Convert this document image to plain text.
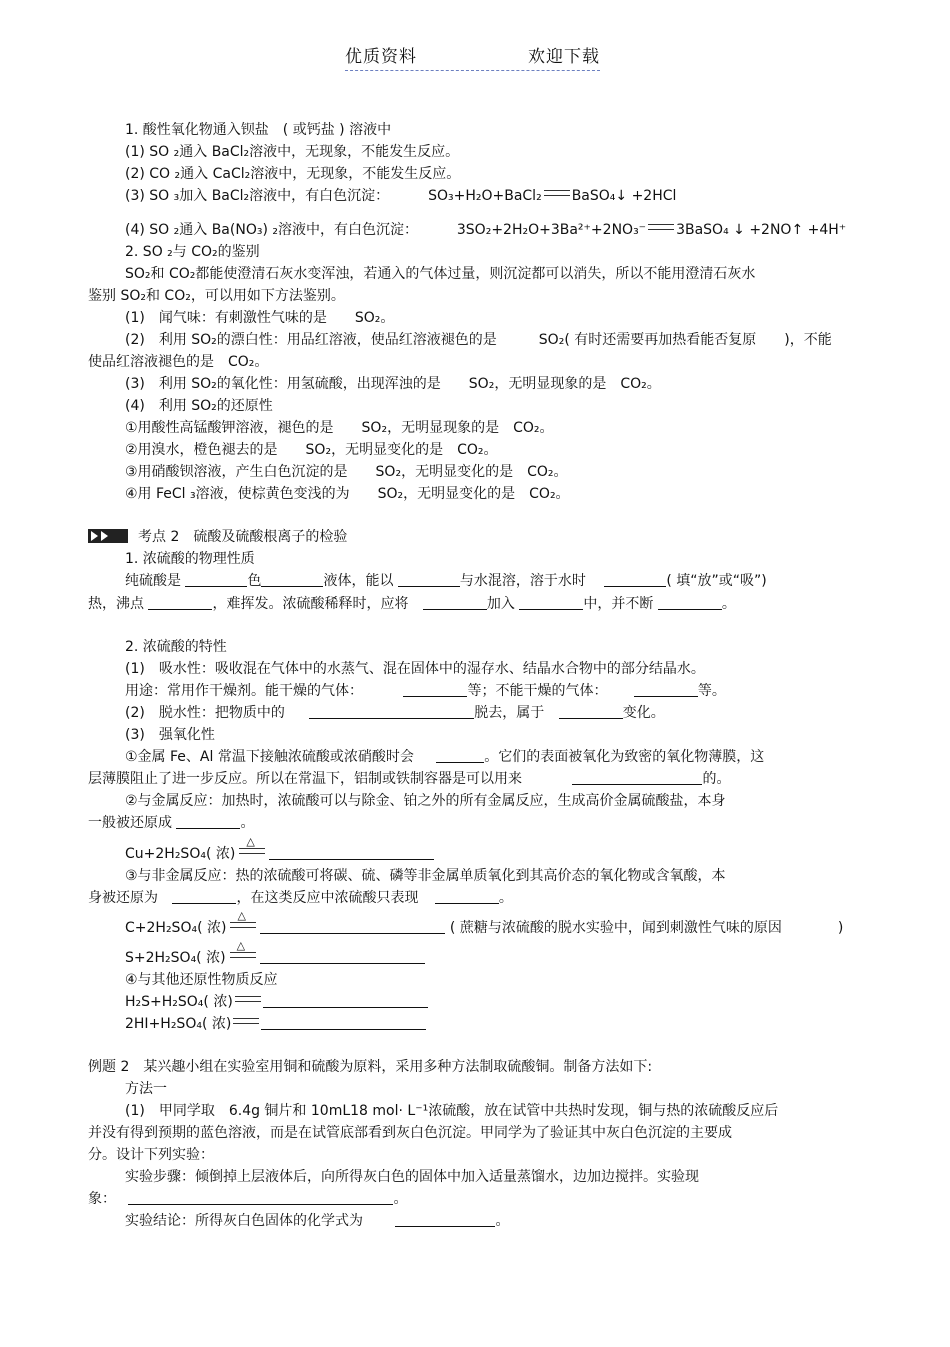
优质资料	欢迎下载
1. 酸性氧化物通入钡盐　( 或钙盐 ) 溶液中
(1) SO ₂通入 BaCl₂溶液中，无现象，不能发生反应。
(2) CO ₂通入 CaCl₂溶液中，无现象，不能发生反应。
(3) SO ₃加入 BaCl₂溶液中，有白色沉淀：	SO₃+H₂O+BaCl₂ BaSO₄↓ +2HCl
(4) SO ₂通入 Ba(NO₃) ₂溶液中，有白色沉淀：	3SO₂+2H₂O+3Ba²⁺+2NO₃⁻ 3BaSO₄ ↓ +2NO↑ +4H⁺
2. SO ₂与 CO₂的鉴别
SO₂和 CO₂都能使澄清石灰水变浑浊，若通入的气体过量，则沉淀都可以消失，所以不能用澄清石灰水
鉴别 SO₂和 CO₂，可以用如下方法鉴别。
(1)　闻气味：有刺激性气味的是　　SO₂。
(2)　利用 SO₂的漂白性：用品红溶液，使品红溶液褪色的是　　　SO₂( 有时还需要再加热看能否复原　　)，不能
使品红溶液褪色的是　CO₂。
(3)　利用 SO₂的氧化性：用氢硫酸，出现浑浊的是　　SO₂，无明显现象的是　CO₂。
(4)　利用 SO₂的还原性
①用酸性高锰酸钾溶液，褪色的是　　SO₂，无明显现象的是　CO₂。
②用溴水，橙色褪去的是　　SO₂，无明显变化的是　CO₂。
③用硝酸钡溶液，产生白色沉淀的是　　SO₂，无明显变化的是　CO₂。
④用 FeCl ₃溶液，使棕黄色变浅的为　　SO₂，无明显变化的是　CO₂。
考点 2　硫酸及硫酸根离子的检验
1. 浓硫酸的物理性质
纯硫酸是	色	液体，能以	与水混溶，溶于水时	( 填“放”或“吸”)
热，沸点	，难挥发。浓硫酸稀释时，应将	加入	中，并不断	。
2. 浓硫酸的特性
(1)　吸水性：吸收混在气体中的水蒸气、混在固体中的湿存水、结晶水合物中的部分结晶水。
用途：常用作干燥剂。能干燥的气体：	等；不能干燥的气体：	等。
(2)　脱水性：把物质中的	脱去，属于	变化。
(3)　强氧化性
①金属 Fe、Al 常温下接触浓硫酸或浓硝酸时会	。它们的表面被氧化为致密的氧化物薄膜，这
层薄膜阻止了进一步反应。所以在常温下，铝制或铁制容器是可以用来	的。
②与金属反应：加热时，浓硫酸可以与除金、铂之外的所有金属反应，生成高价金属硫酸盐，本身
一般被还原成	。
Cu+2H₂SO₄( 浓)△
③与非金属反应：热的浓硫酸可将碳、硫、磷等非金属单质氧化到其高价态的氧化物或含氧酸，本
身被还原为	，在这类反应中浓硫酸只表现	。
C+2H₂SO₄( 浓)△	( 蔗糖与浓硫酸的脱水实验中，闻到刺激性气味的原因　　　　)
S+2H₂SO₄( 浓)△
④与其他还原性物质反应
H₂S+H₂SO₄( 浓)
2HI+H₂SO₄( 浓)
例题 2　某兴趣小组在实验室用铜和硫酸为原料，采用多种方法制取硫酸铜。制备方法如下:
方法一
(1)　甲同学取　6.4g 铜片和 10mL18 mol· L⁻¹浓硫酸，放在试管中共热时发现，铜与热的浓硫酸反应后
并没有得到预期的蓝色溶液，而是在试管底部看到灰白色沉淀。甲同学为了验证其中灰白色沉淀的主要成
分。设计下列实验：
实验步骤：倾倒掉上层液体后，向所得灰白色的固体中加入适量蒸馏水，边加边搅拌。实验现
象：	。
实验结论：所得灰白色固体的化学式为	。
